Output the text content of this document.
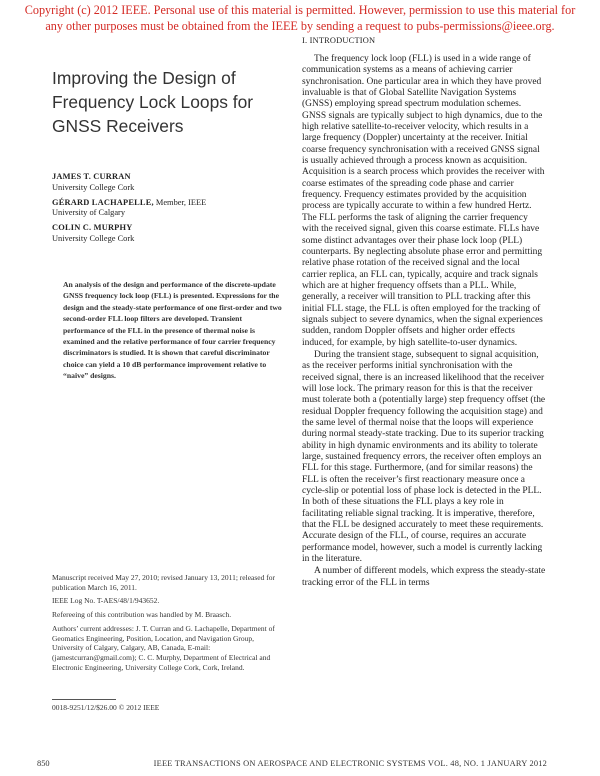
Copyright (c) 2012 IEEE. Personal use of this material is permitted. However, permission to use this material for
any other purposes must be obtained from the IEEE by sending a request to pubs-permissions@ieee.org.
Improving the Design of
Frequency Lock Loops for
GNSS Receivers
JAMES T. CURRAN
University College Cork
GÉRARD LACHAPELLE, Member, IEEE
University of Calgary
COLIN C. MURPHY
University College Cork
An analysis of the design and performance of the discrete-update GNSS frequency lock loop (FLL) is presented. Expressions for the design and the steady-state performance of one first-order and two second-order FLL loop filters are developed. Transient performance of the FLL in the presence of thermal noise is examined and the relative performance of four carrier frequency discriminators is studied. It is shown that careful discriminator choice can yield a 10 dB performance improvement relative to “naive” designs.

Manuscript received May 27, 2010; revised January 13, 2011; released for publication March 16, 2011.

IEEE Log No. T-AES/48/1/943652.

Refereeing of this contribution was handled by M. Braasch.

Authors’ current addresses: J. T. Curran and G. Lachapelle, Department of Geomatics Engineering, Position, Location, and Navigation Group, University of Calgary, Calgary, AB, Canada, E-mail: (jamestcurran@gmail.com); C. C. Murphy, Department of Electrical and Electronic Engineering, University College Cork, Cork, Ireland.

0018-9251/12/$26.00 © 2012 IEEE
I. INTRODUCTION

The frequency lock loop (FLL) is used in a wide range of communication systems as a means of achieving carrier synchronisation. One particular area in which they have proved invaluable is that of Global Satellite Navigation Systems (GNSS) employing spread spectrum modulation schemes. GNSS signals are typically subject to high dynamics, due to the high relative satellite-to-receiver velocity, which results in a large frequency (Doppler) uncertainty at the receiver. Initial coarse frequency synchronisation with a received GNSS signal is usually achieved through a process known as acquisition. Acquisition is a search process which provides the receiver with coarse estimates of the spreading code phase and carrier frequency. Frequency estimates provided by the acquisition process are typically accurate to within a few hundred Hertz. The FLL performs the task of aligning the carrier frequency with the received signal, given this coarse estimate. FLLs have some distinct advantages over their phase lock loop (PLL) counterparts. By neglecting absolute phase error and permitting relative phase rotation of the received signal and the local carrier replica, an FLL can, typically, acquire and track signals which are at higher frequency offsets than a PLL. While, generally, a receiver will transition to PLL tracking after this initial FLL stage, the FLL is often employed for the tracking of signals subject to severe dynamics, when the signal experiences sudden, random Doppler offsets and higher order effects induced, for example, by high satellite-to-user dynamics.

During the transient stage, subsequent to signal acquisition, as the receiver performs initial synchronisation with the received signal, there is an increased likelihood that the receiver will lose lock. The primary reason for this is that the receiver must tolerate both a (potentially large) step frequency offset (the residual Doppler frequency following the acquisition stage) and the same level of thermal noise that the loops will experience during normal steady-state tracking. Due to its superior tracking ability in high dynamic environments and its ability to tolerate large, sustained frequency errors, the receiver often employs an FLL for this stage. Furthermore, (and for similar reasons) the FLL is often the receiver’s first reactionary measure once a cycle-slip or potential loss of phase lock is detected in the PLL. In both of these situations the FLL plays a key role in facilitating reliable signal tracking. It is imperative, therefore, that the FLL be designed accurately to meet these requirements. Accurate design of the FLL, of course, requires an accurate performance model, however, such a model is currently lacking in the literature.

A number of different models, which express the steady-state tracking error of the FLL in terms

850	IEEE TRANSACTIONS ON AEROSPACE AND ELECTRONIC SYSTEMS VOL. 48, NO. 1 JANUARY 2012
